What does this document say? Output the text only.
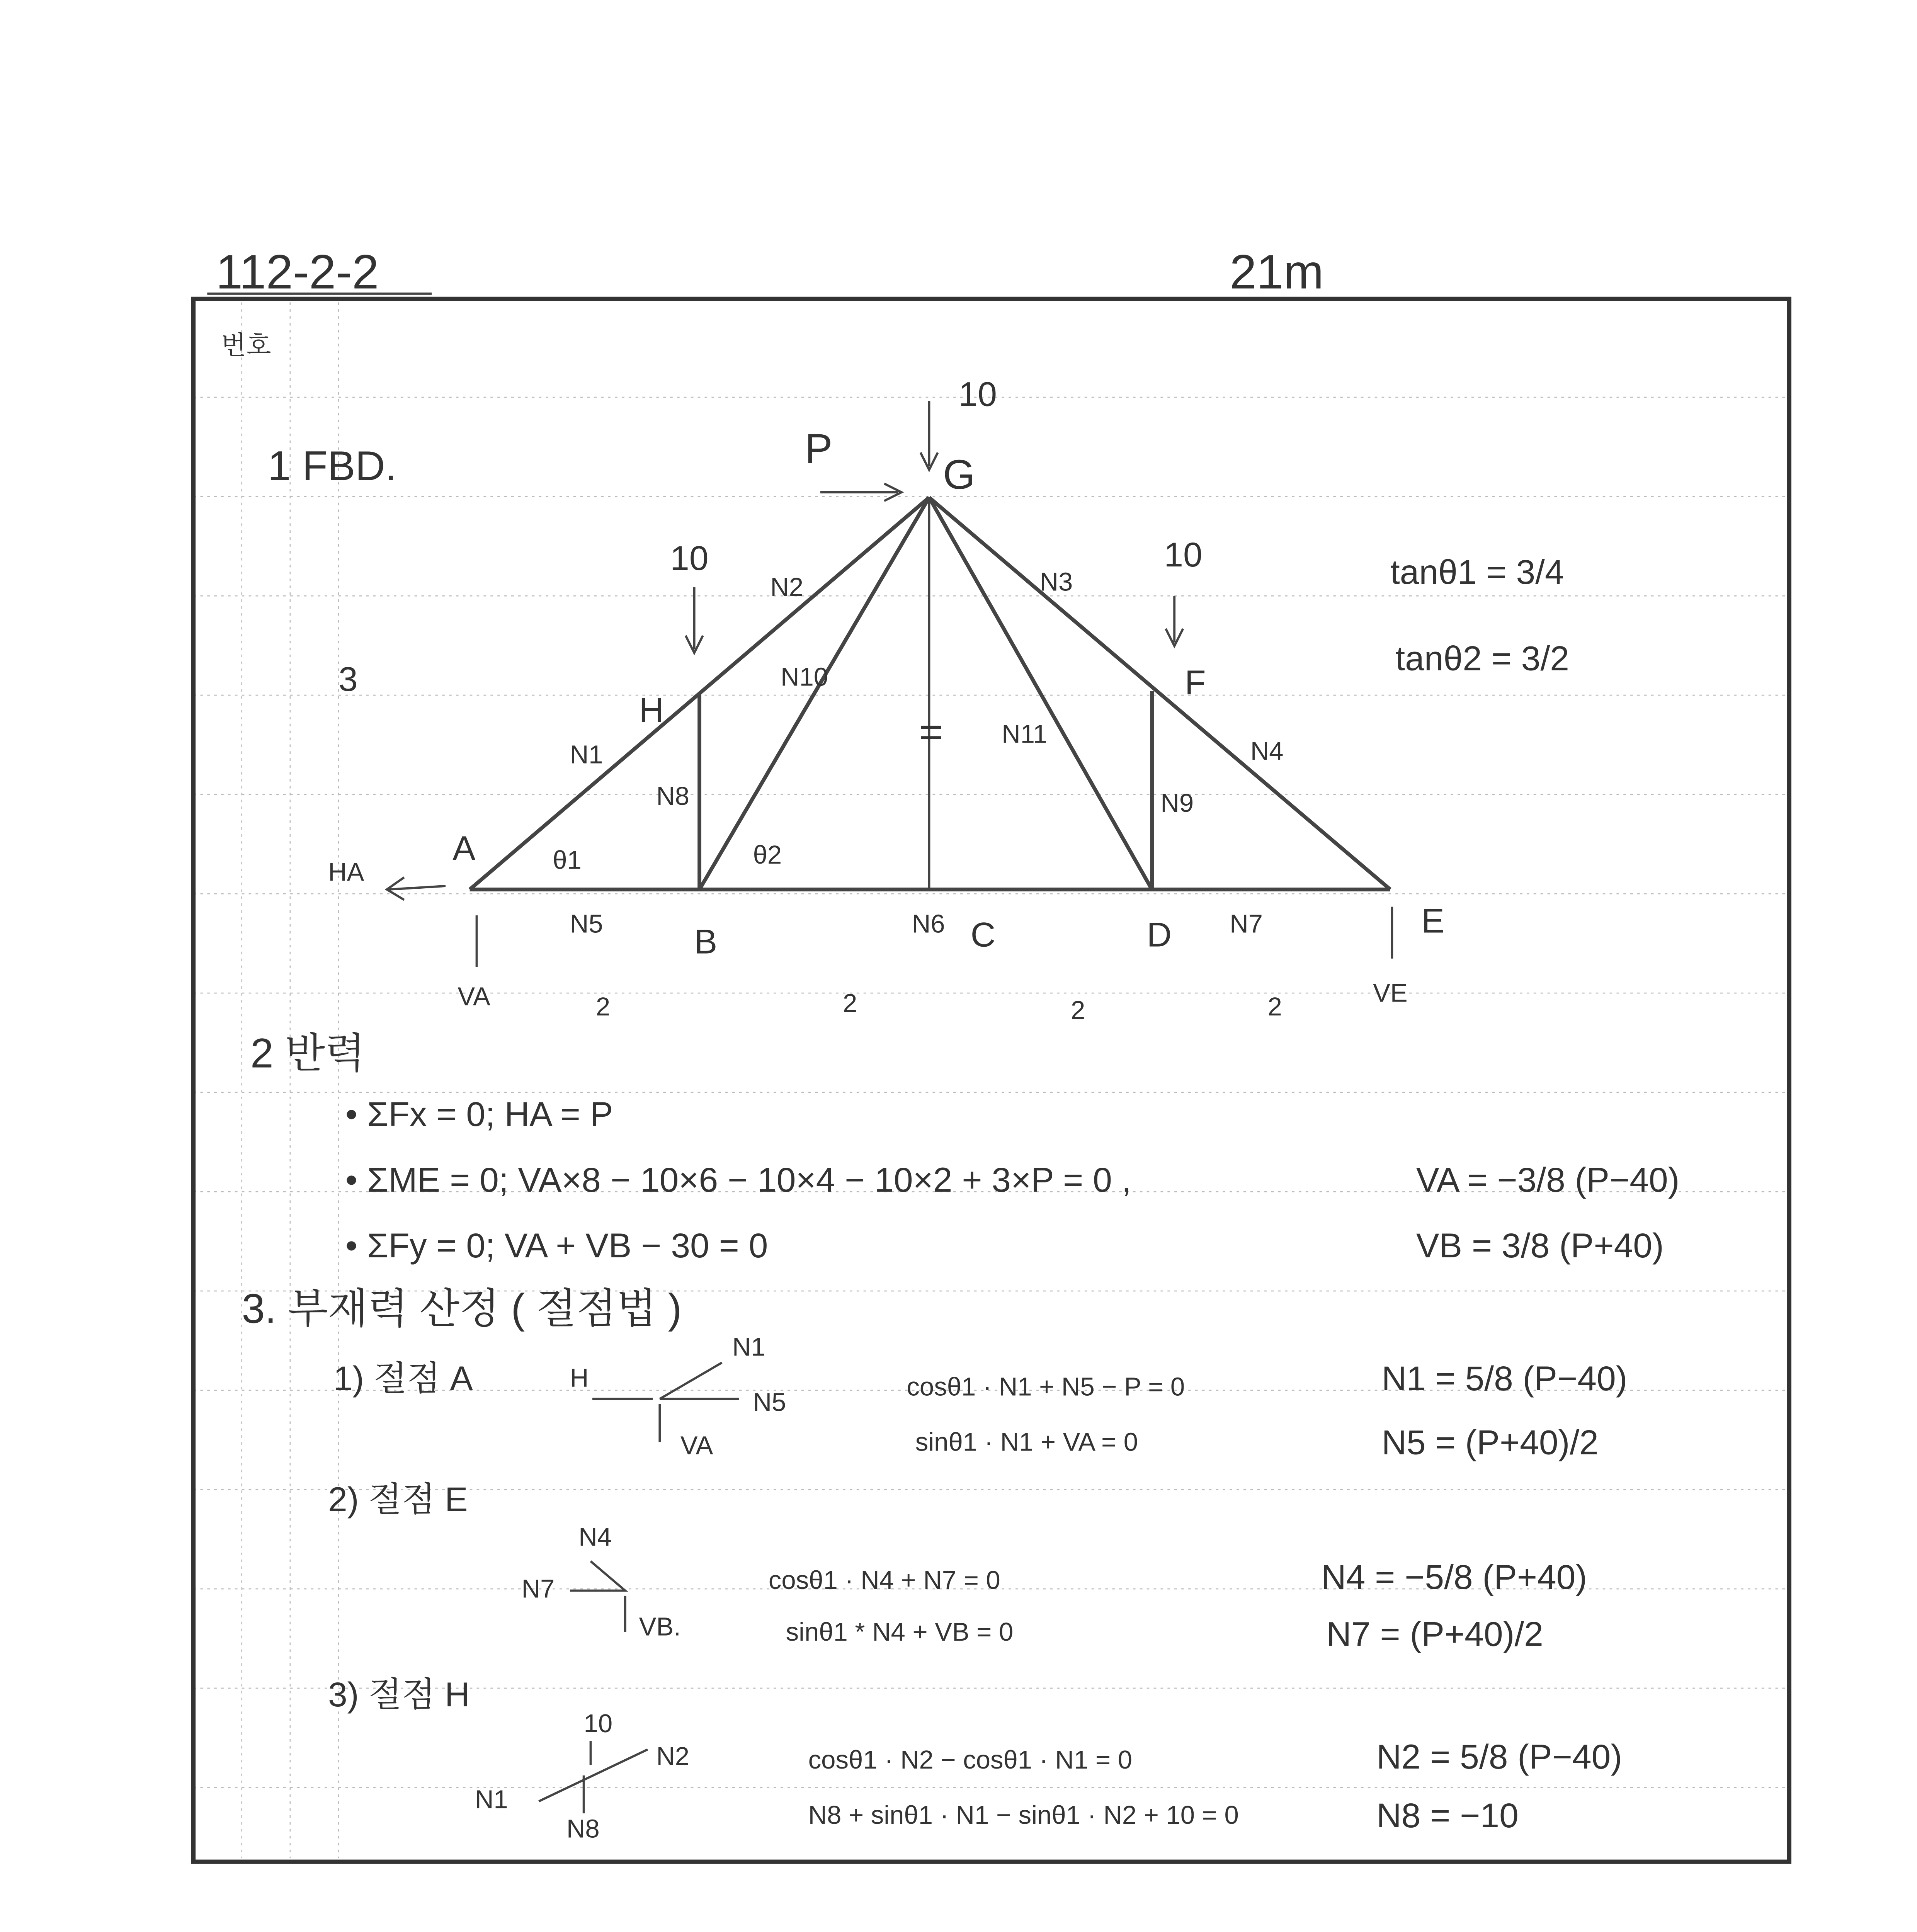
112-2-2	21m
번호
1 FBD.
3
10
P
10	10
G
H
F
A
B	C	D	E
N1
N2	N3
N4
N5	N6	N7
N8	N9
N10
N11
=
θ1	θ2
HA
VA	VE
2	2	2	2
tanθ1 = 3/4
tanθ2 = 3/2
2 반력
• ΣFx = 0; HA = P
• ΣME = 0; VA×8 − 10×6 − 10×4 − 10×2 + 3×P = 0 ,
• ΣFy = 0; VA + VB − 30 = 0
VA = −3/8 (P−40)
VB = 3/8 (P+40)
3. 부재력 산정 ( 절점법 )
1) 절점 A	H
N1
N5
VA
cosθ1 · N1 + N5 − P = 0
sinθ1 · N1 + VA = 0
N1 = 5/8 (P−40)
N5 = (P+40)/2
2) 절점 E
N4
N7
VB.
cosθ1 · N4 + N7 = 0
sinθ1 * N4 + VB = 0
N4 = −5/8 (P+40)
N7 = (P+40)/2
3) 절점 H
10
N2
N1
N8
cosθ1 · N2 − cosθ1 · N1 = 0
N8 + sinθ1 · N1 − sinθ1 · N2 + 10 = 0
N2 = 5/8 (P−40)
N8 = −10
